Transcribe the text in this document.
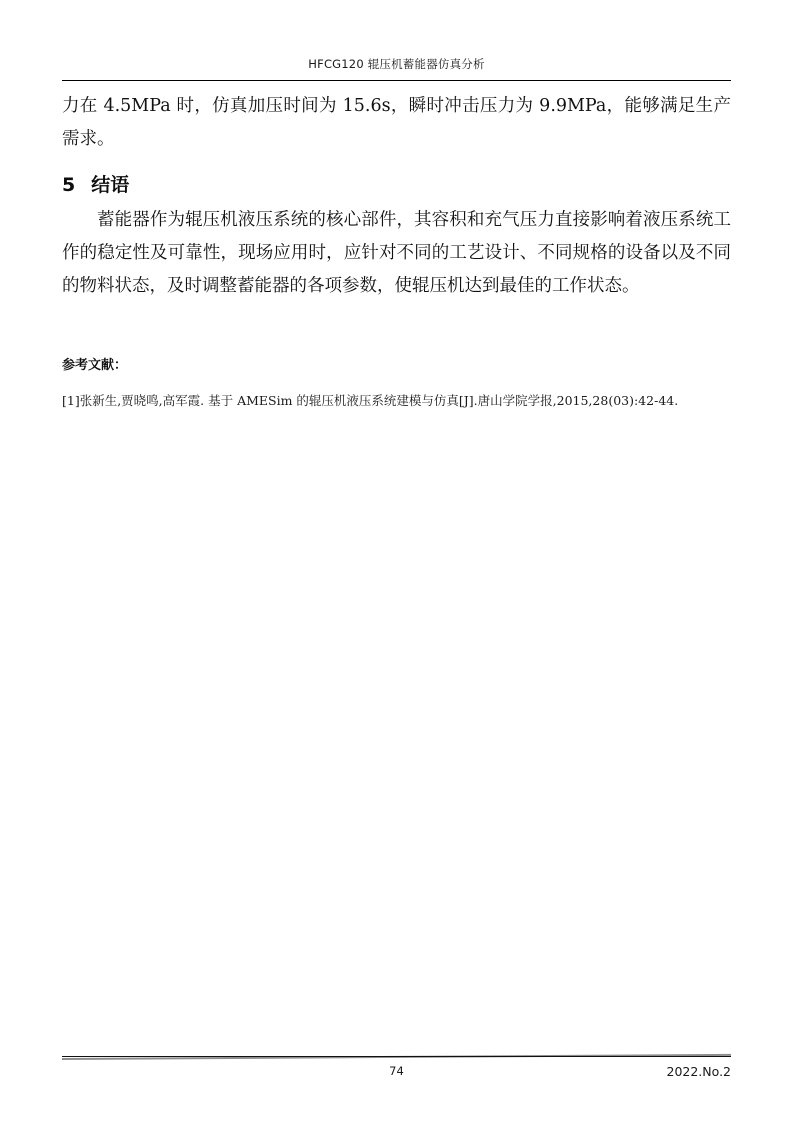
HFCG120 辊压机蓄能器仿真分析

力在 4.5MPa 时，仿真加压时间为 15.6s，瞬时冲击压力为 9.9MPa，能够满足生产需求。

5 结语

蓄能器作为辊压机液压系统的核心部件，其容积和充气压力直接影响着液压系统工作的稳定性及可靠性，现场应用时，应针对不同的工艺设计、不同规格的设备以及不同的物料状态，及时调整蓄能器的各项参数，使辊压机达到最佳的工作状态。

参考文献：
[1]张新生,贾晓鸣,高军霞. 基于 AMESim 的辊压机液压系统建模与仿真[J].唐山学院学报,2015,28(03):42-44.
74	2022.No.2
